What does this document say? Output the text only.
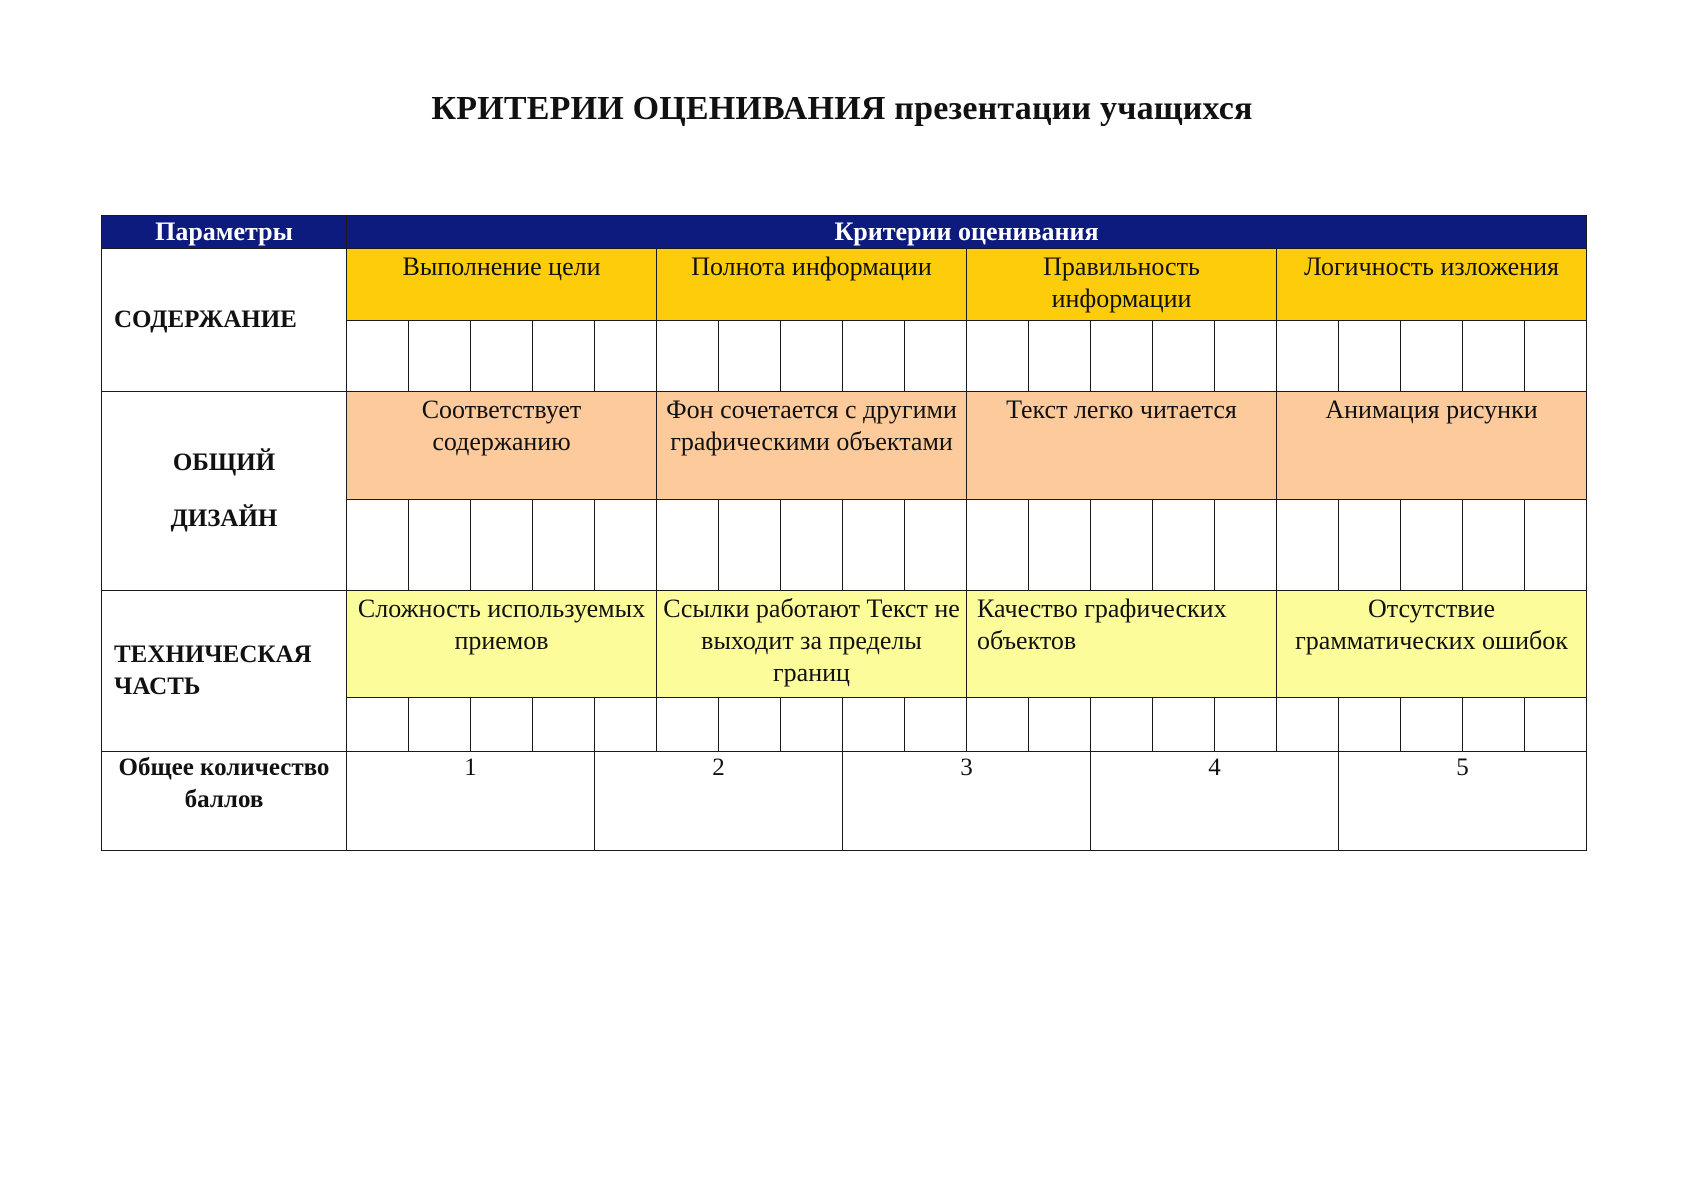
КРИТЕРИИ ОЦЕНИВАНИЯ презентации учащихся
Параметры	Критерии оценивания																			
СОДЕРЖАНИЕ	Выполнение цели					Полнота информации					Правильность информации					Логичность изложения				

ОБЩИЙ
ДИЗАЙН	Соответствует содержанию					Фон сочетается с другими графическими объектами					Текст легко читается					Анимация рисунки				

ТЕХНИЧЕСКАЯ ЧАСТЬ	Сложность используемых приемов					Ссылки работают Текст не выходит за пределы границ					Качество графических объектов					Отсутствие грамматических ошибок				

Общее количество баллов	1				2				3				4				5			
